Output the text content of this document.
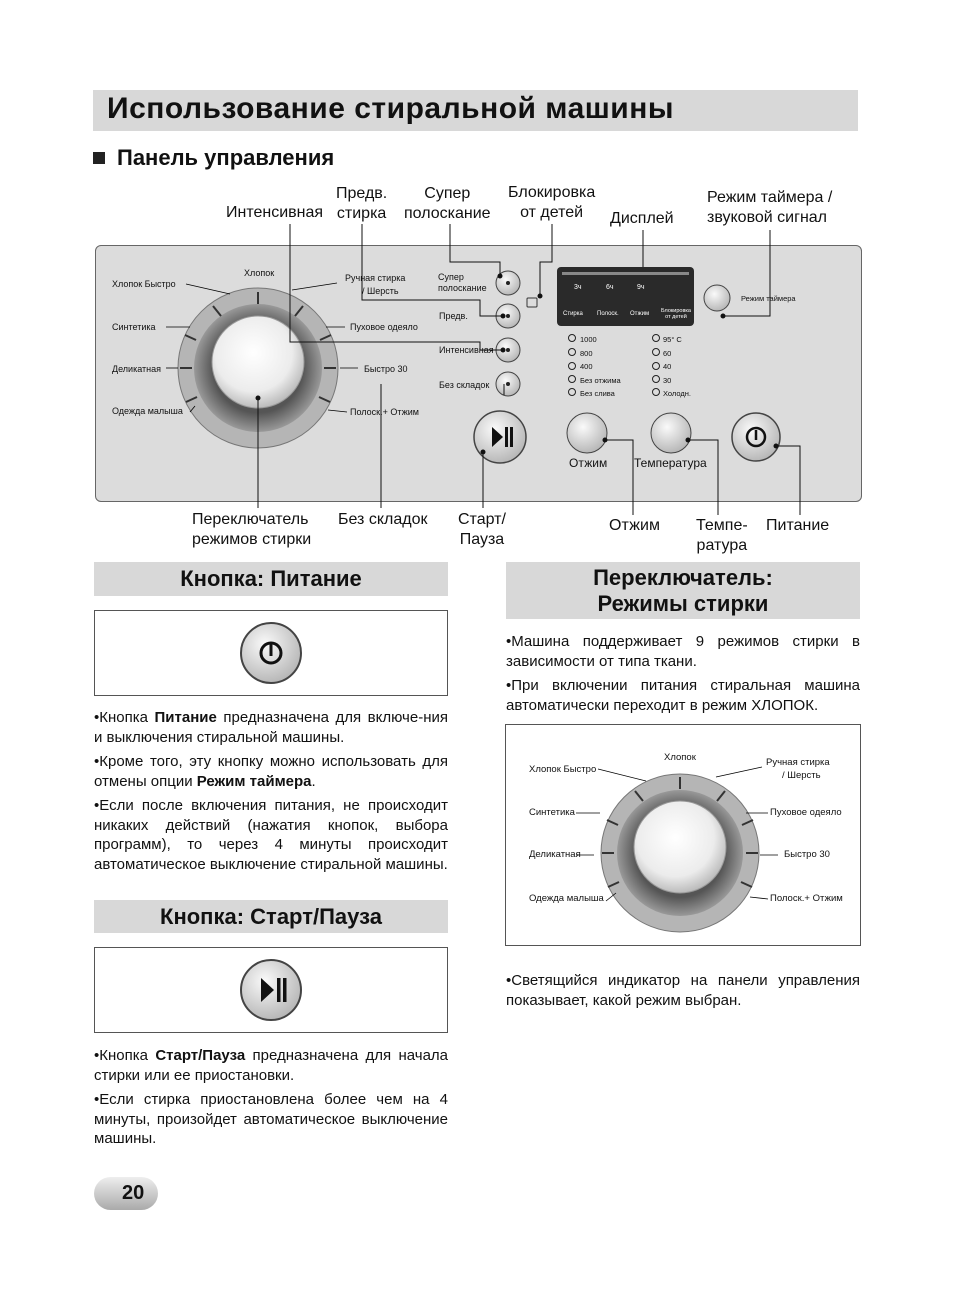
Использование стиральной машины
Панель управления
Интенсивная
Предв.
стирка
Супер
полоскание
Блокировка
от детей	Дисплей
Режим таймера /
звуковой сигнал
Хлопок Быстро
Синтетика
Деликатная
Одежда малыша
Хлопок	Ручная стирка
/ Шерсть
Пуховое одеяло
Быстро 30
Полоск.+ Отжим
Супер
полоскание
Предв.
Интенсивная
Без складок
3ч	6ч	9ч
Стирка Полоск. Отжим	Блокировка от детей
Режим таймера
1000
800
400
Без отжима
Без слива
95° C
60
40
30
Холодн.
Отжим Температура
Переключатель
режимов стирки
Без складок Старт/
Пауза
Отжим Темпе-
ратура
Питание
Кнопка: Питание

•Кнопка Питание предназначена для включе-ния и выключения стиральной машины.

•Кроме того, эту кнопку можно использовать для отмены опции Режим таймера.

•Если после включения питания, не происходит никаких действий (нажатия кнопок, выбора программ), то через 4 минуты происходит автоматическое выключение стиральной машины.

Кнопка: Старт/Пауза

•Кнопка Старт/Пауза предназначена для начала стирки или ее приостановки.

•Если стирка приостановлена более чем на 4 минуты, произойдет автоматическое выключение машины.

Переключатель:
Режимы стирки

•Машина поддерживает 9 режимов стирки в зависимости от типа ткани.

•При включении питания стиральная машина автоматически переходит в режим ХЛОПОК.

Хлопок Быстро
Синтетика
Деликатная
Одежда малыша
Хлопок	Ручная стирка
/ Шерсть
Пуховое одеяло
Быстро 30
Полоск.+ Отжим

•Светящийся индикатор на панели управления показывает, какой режим выбран.

20
